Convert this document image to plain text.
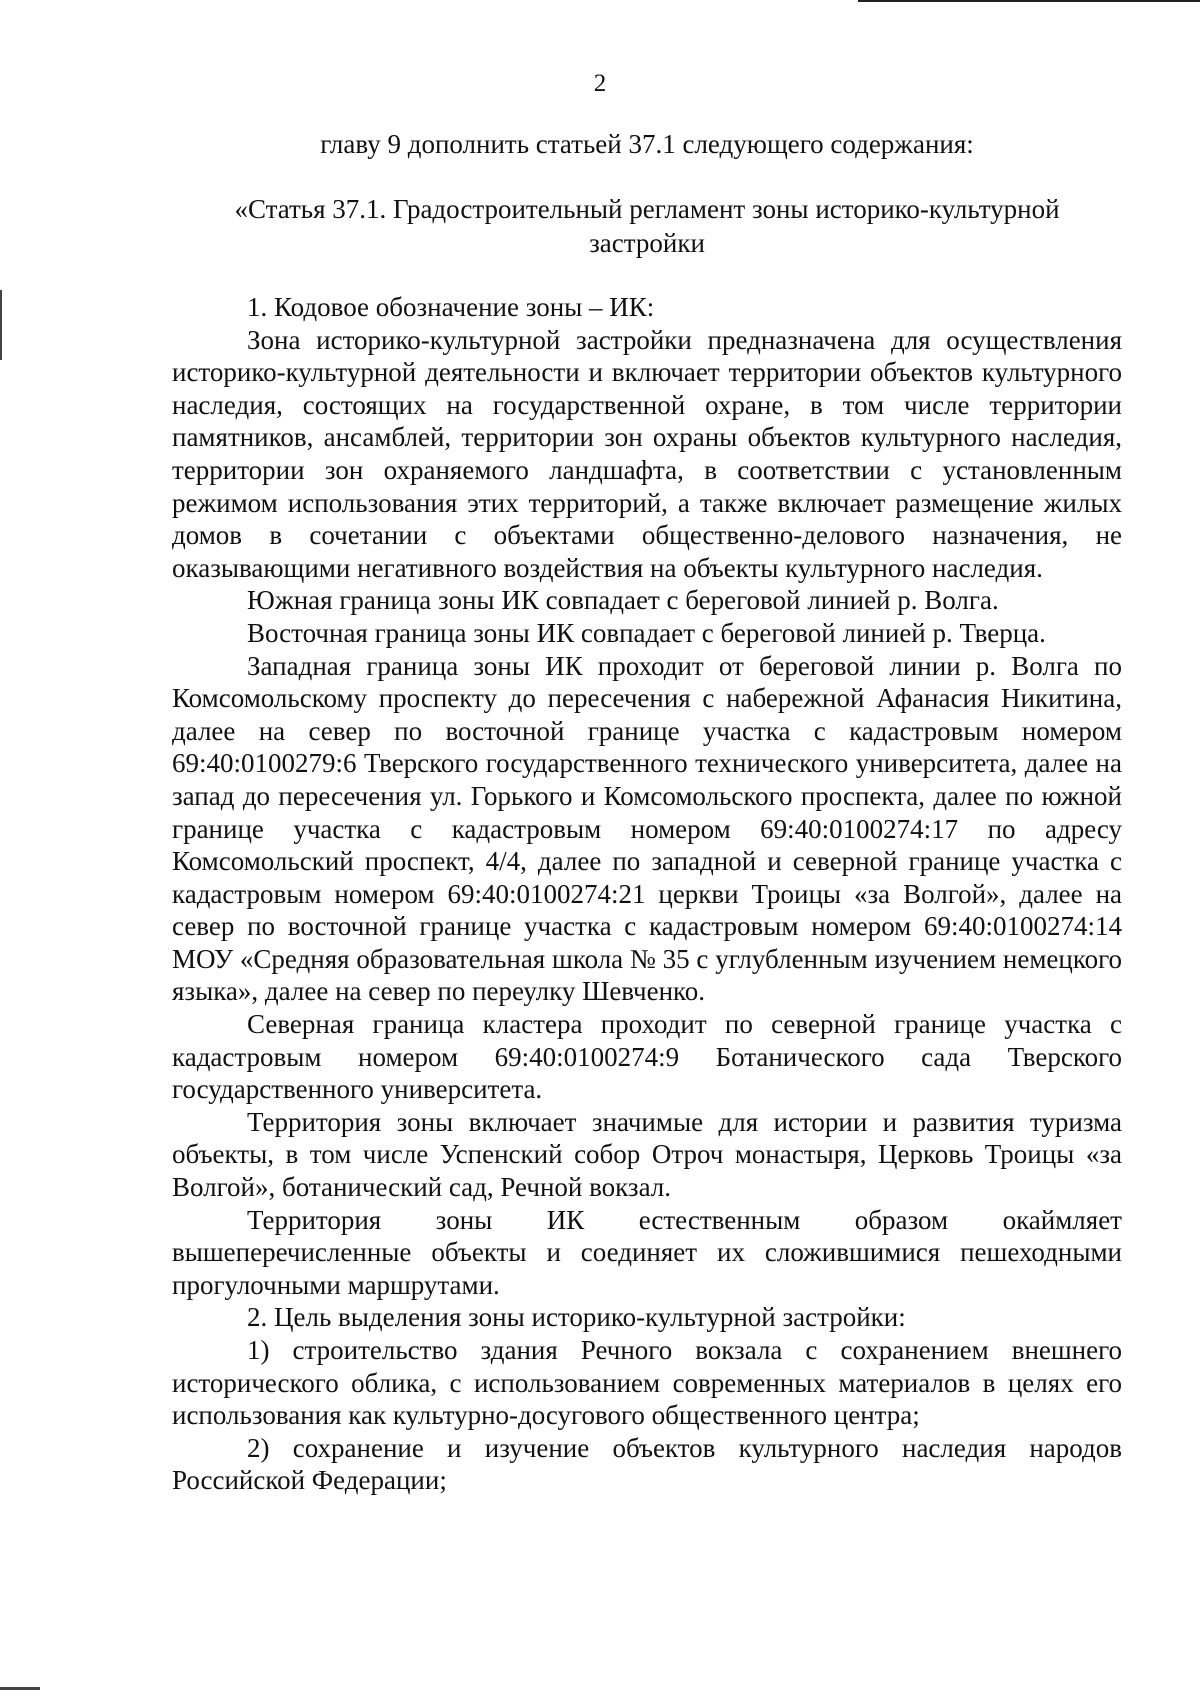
2
главу 9 дополнить статьей 37.1 следующего содержания:
«Статья 37.1. Градостроительный регламент зоны историко-культурной
застройки

1. Кодовое обозначение зоны – ИК:

Зона историко-культурной застройки предназначена для осуществления историко-культурной деятельности и включает территории объектов культурного наследия, состоящих на государственной охране, в том числе территории памятников, ансамблей, территории зон охраны объектов культурного наследия, территории зон охраняемого ландшафта, в соответствии с установленным режимом использования этих территорий, а также включает размещение жилых домов в сочетании с объектами общественно-делового назначения, не оказывающими негативного воздействия на объекты культурного наследия.

Южная граница зоны ИК совпадает с береговой линией р. Волга.

Восточная граница зоны ИК совпадает с береговой линией р. Тверца.

Западная граница зоны ИК проходит от береговой линии р. Волга по Комсомольскому проспекту до пересечения с набережной Афанасия Никитина, далее на север по восточной границе участка с кадастровым номером 69:40:0100279:6 Тверского государственного технического университета, далее на запад до пересечения ул. Горького и Комсомольского проспекта, далее по южной границе участка с кадастровым номером 69:40:0100274:17 по адресу Комсомольский проспект, 4/4, далее по западной и северной границе участка с кадастровым номером 69:40:0100274:21 церкви Троицы «за Волгой», далее на север по восточной границе участка с кадастровым номером 69:40:0100274:14 МОУ «Средняя образовательная школа № 35 с углубленным изучением немецкого языка», далее на север по переулку Шевченко.

Северная граница кластера проходит по северной границе участка с кадастровым номером 69:40:0100274:9 Ботанического сада Тверского государственного университета.

Территория зоны включает значимые для истории и развития туризма объекты, в том числе Успенский собор Отроч монастыря, Церковь Троицы «за Волгой», ботанический сад, Речной вокзал.

Территория зоны ИК естественным образом окаймляет вышеперечисленные объекты и соединяет их сложившимися пешеходными прогулочными маршрутами.

2. Цель выделения зоны историко-культурной застройки:

1) строительство здания Речного вокзала с сохранением внешнего исторического облика, с использованием современных материалов в целях его использования как культурно-досугового общественного центра;

2) сохранение и изучение объектов культурного наследия народов Российской Федерации;
